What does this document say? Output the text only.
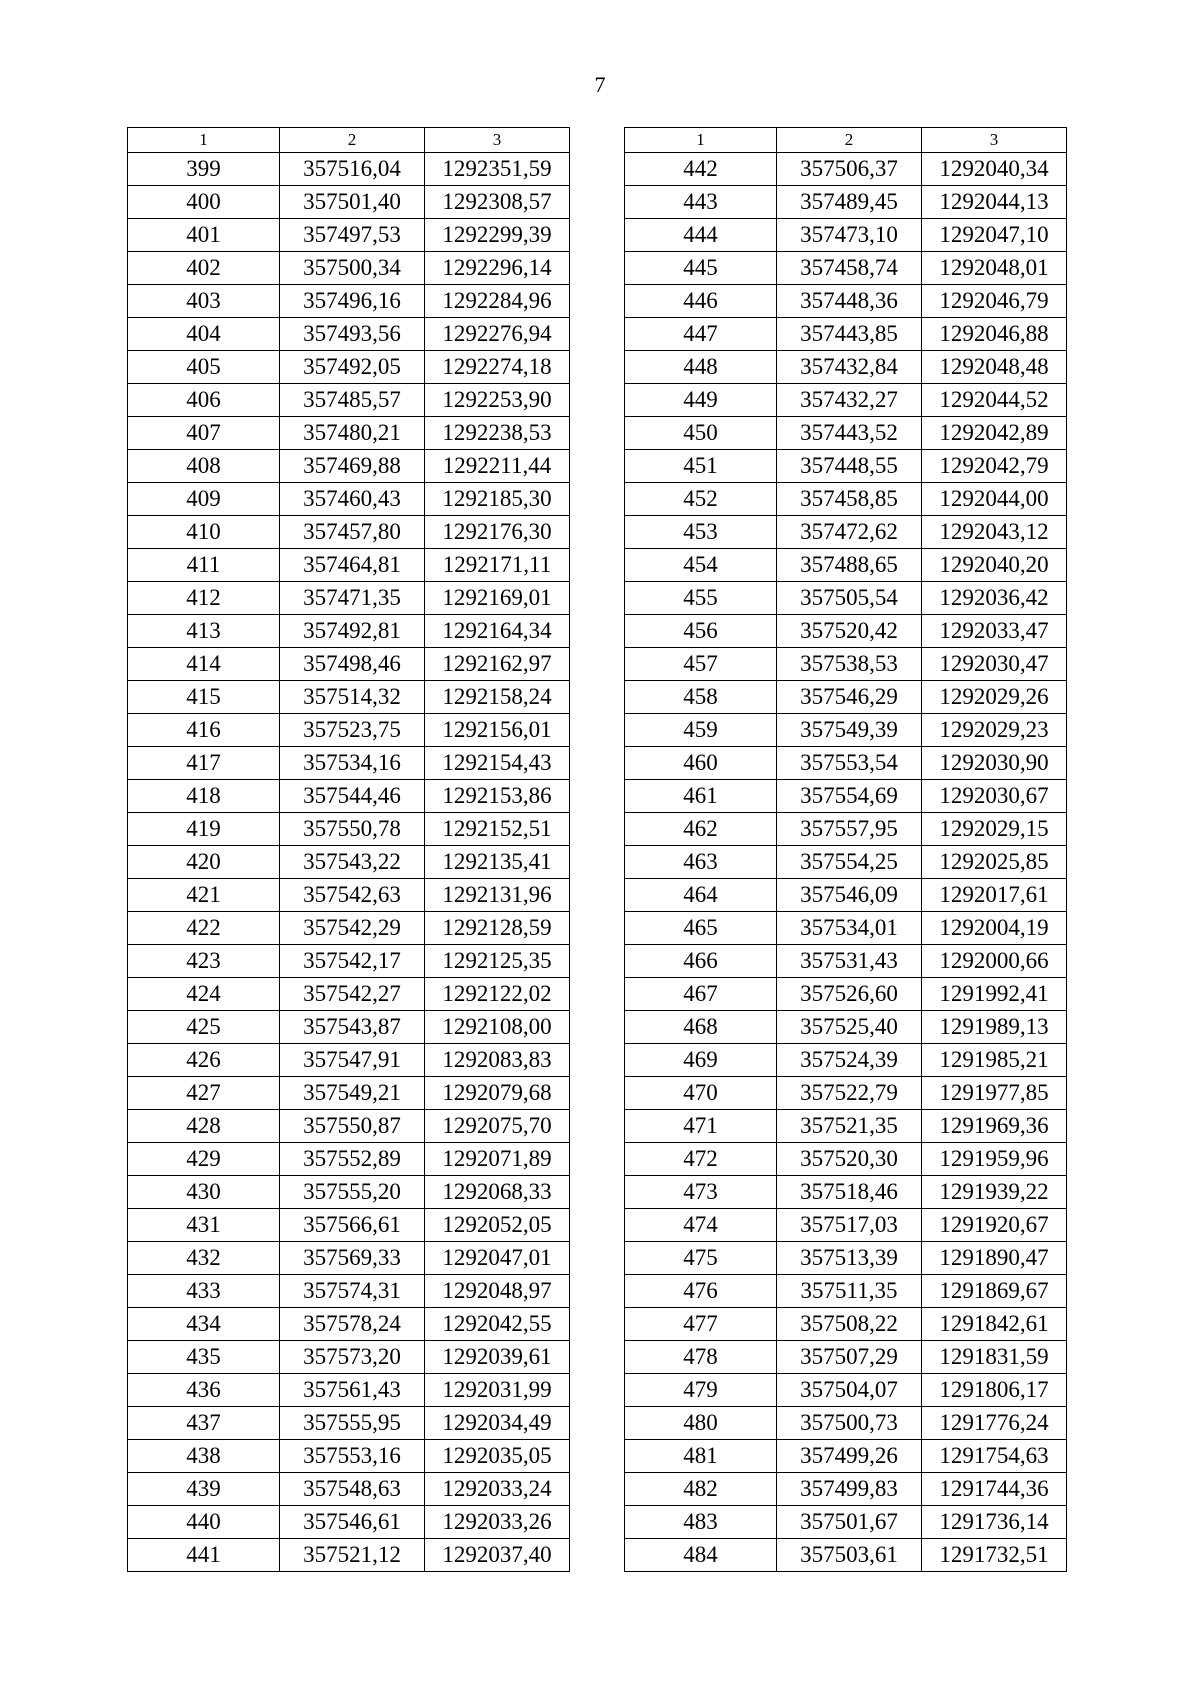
7
1	2	3
399	357516,04	1292351,59
400	357501,40	1292308,57
401	357497,53	1292299,39
402	357500,34	1292296,14
403	357496,16	1292284,96
404	357493,56	1292276,94
405	357492,05	1292274,18
406	357485,57	1292253,90
407	357480,21	1292238,53
408	357469,88	1292211,44
409	357460,43	1292185,30
410	357457,80	1292176,30
411	357464,81	1292171,11
412	357471,35	1292169,01
413	357492,81	1292164,34
414	357498,46	1292162,97
415	357514,32	1292158,24
416	357523,75	1292156,01
417	357534,16	1292154,43
418	357544,46	1292153,86
419	357550,78	1292152,51
420	357543,22	1292135,41
421	357542,63	1292131,96
422	357542,29	1292128,59
423	357542,17	1292125,35
424	357542,27	1292122,02
425	357543,87	1292108,00
426	357547,91	1292083,83
427	357549,21	1292079,68
428	357550,87	1292075,70
429	357552,89	1292071,89
430	357555,20	1292068,33
431	357566,61	1292052,05
432	357569,33	1292047,01
433	357574,31	1292048,97
434	357578,24	1292042,55
435	357573,20	1292039,61
436	357561,43	1292031,99
437	357555,95	1292034,49
438	357553,16	1292035,05
439	357548,63	1292033,24
440	357546,61	1292033,26
441	357521,12	1292037,40
1	2	3
442	357506,37	1292040,34
443	357489,45	1292044,13
444	357473,10	1292047,10
445	357458,74	1292048,01
446	357448,36	1292046,79
447	357443,85	1292046,88
448	357432,84	1292048,48
449	357432,27	1292044,52
450	357443,52	1292042,89
451	357448,55	1292042,79
452	357458,85	1292044,00
453	357472,62	1292043,12
454	357488,65	1292040,20
455	357505,54	1292036,42
456	357520,42	1292033,47
457	357538,53	1292030,47
458	357546,29	1292029,26
459	357549,39	1292029,23
460	357553,54	1292030,90
461	357554,69	1292030,67
462	357557,95	1292029,15
463	357554,25	1292025,85
464	357546,09	1292017,61
465	357534,01	1292004,19
466	357531,43	1292000,66
467	357526,60	1291992,41
468	357525,40	1291989,13
469	357524,39	1291985,21
470	357522,79	1291977,85
471	357521,35	1291969,36
472	357520,30	1291959,96
473	357518,46	1291939,22
474	357517,03	1291920,67
475	357513,39	1291890,47
476	357511,35	1291869,67
477	357508,22	1291842,61
478	357507,29	1291831,59
479	357504,07	1291806,17
480	357500,73	1291776,24
481	357499,26	1291754,63
482	357499,83	1291744,36
483	357501,67	1291736,14
484	357503,61	1291732,51
